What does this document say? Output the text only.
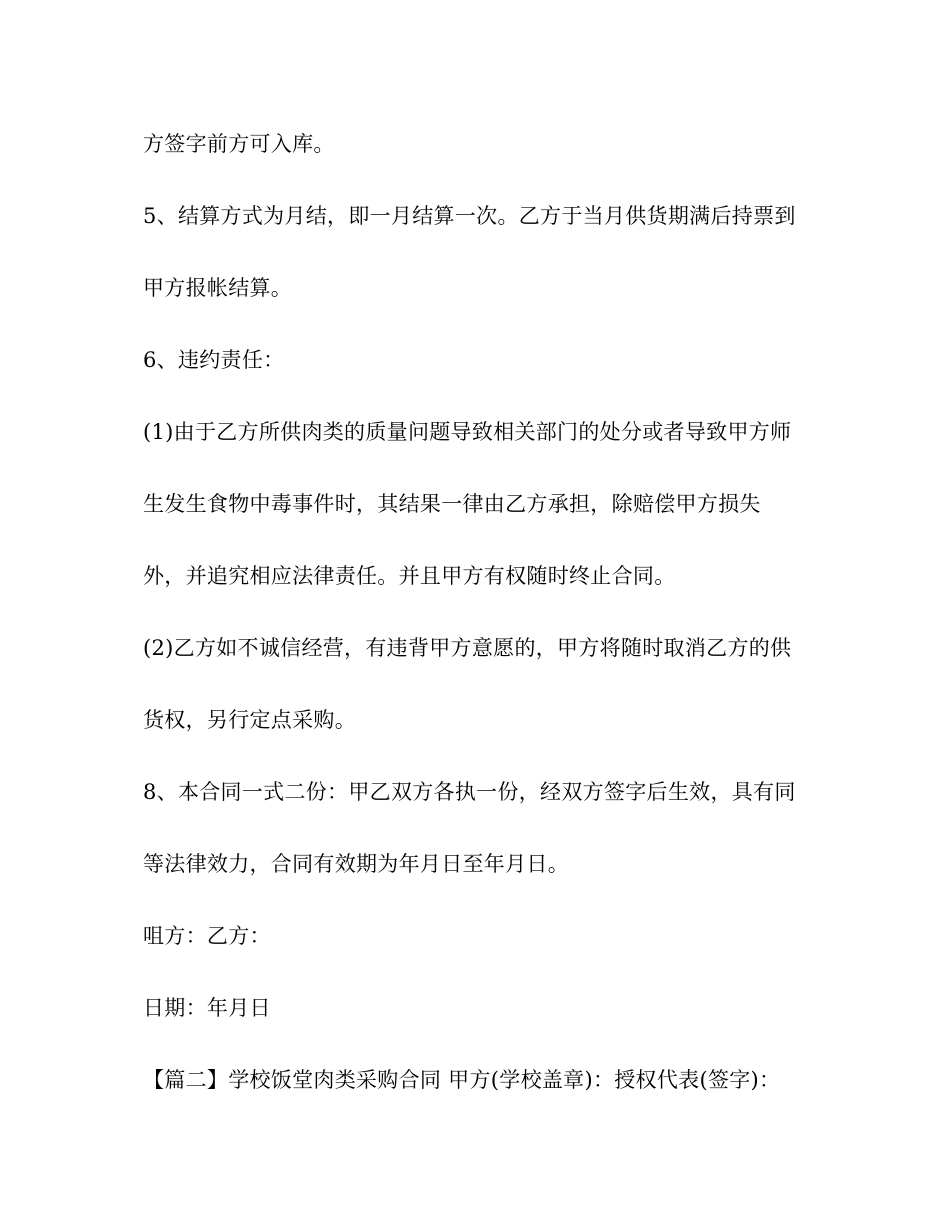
方签字前方可入库。
5、结算方式为月结，即一月结算一次。乙方于当月供货期满后持票到
甲方报帐结算。
6、违约责任：
(1)由于乙方所供肉类的质量问题导致相关部门的处分或者导致甲方师
生发生食物中毒事件时，其结果一律由乙方承担，除赔偿甲方损失
外，并追究相应法律责任。并且甲方有权随时终止合同。
(2)乙方如不诚信经营，有违背甲方意愿的，甲方将随时取消乙方的供
货权，另行定点采购。
8、本合同一式二份：甲乙双方各执一份，经双方签字后生效，具有同
等法律效力，合同有效期为年月日至年月日。
咀方：乙方：
日期：年月日
【篇二】学校饭堂肉类采购合同 甲方(学校盖章)：授权代表(签字)：
